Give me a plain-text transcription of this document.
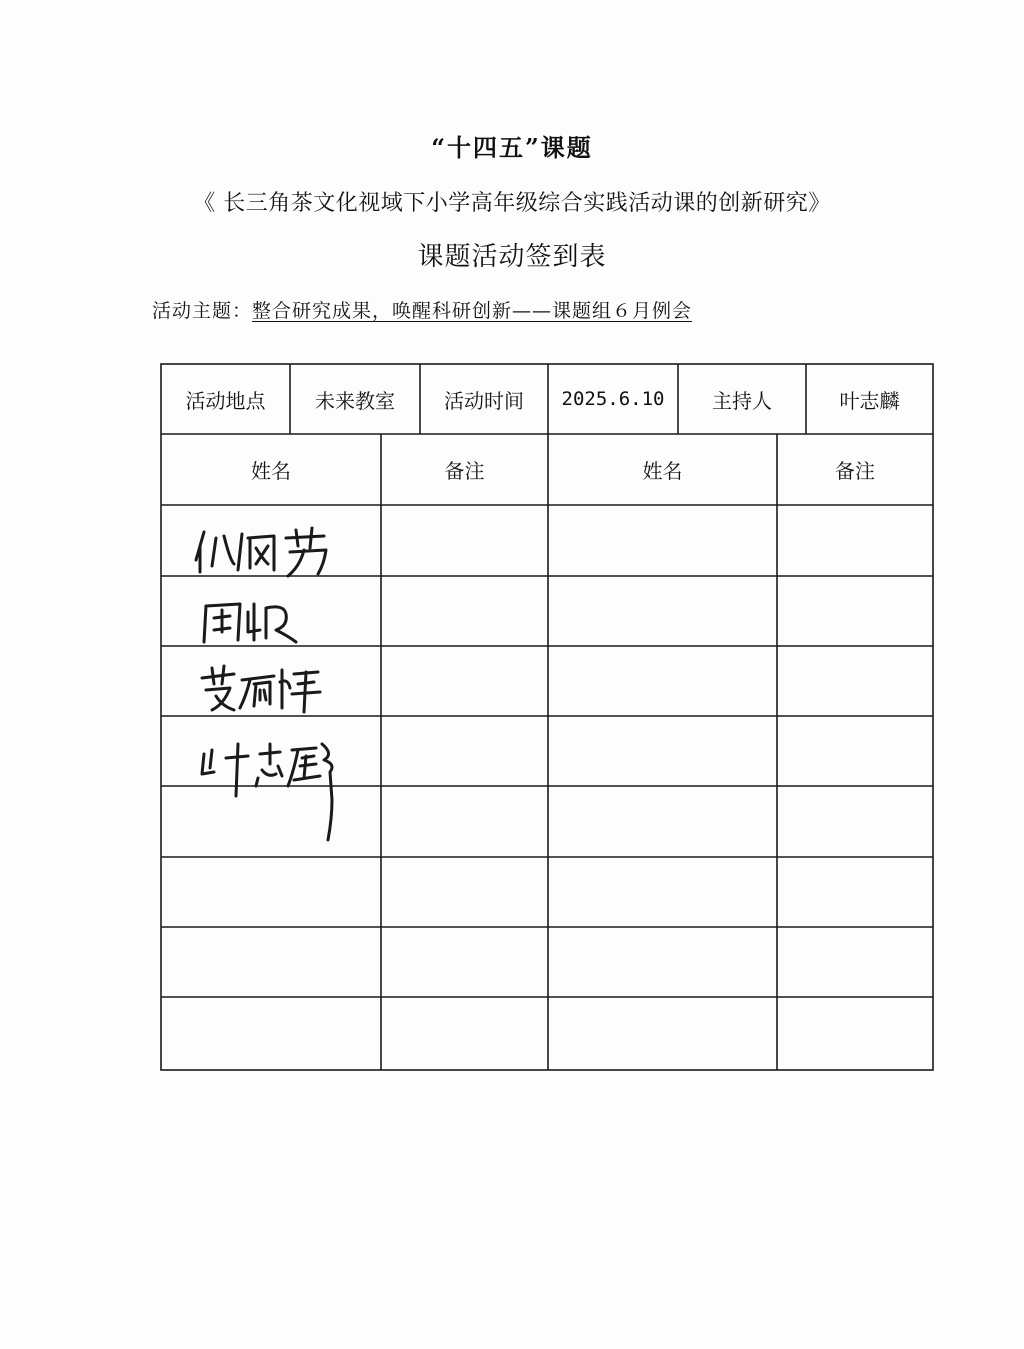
“十四五”课题
《 长三角茶文化视域下小学高年级综合实践活动课的创新研究》
课题活动签到表
活动主题：整合研究成果，唤醒科研创新——课题组６月例会
活动地点	未来教室	活动时间	2025.6.10	主持人	叶志麟
姓名	备注	姓名	备注
